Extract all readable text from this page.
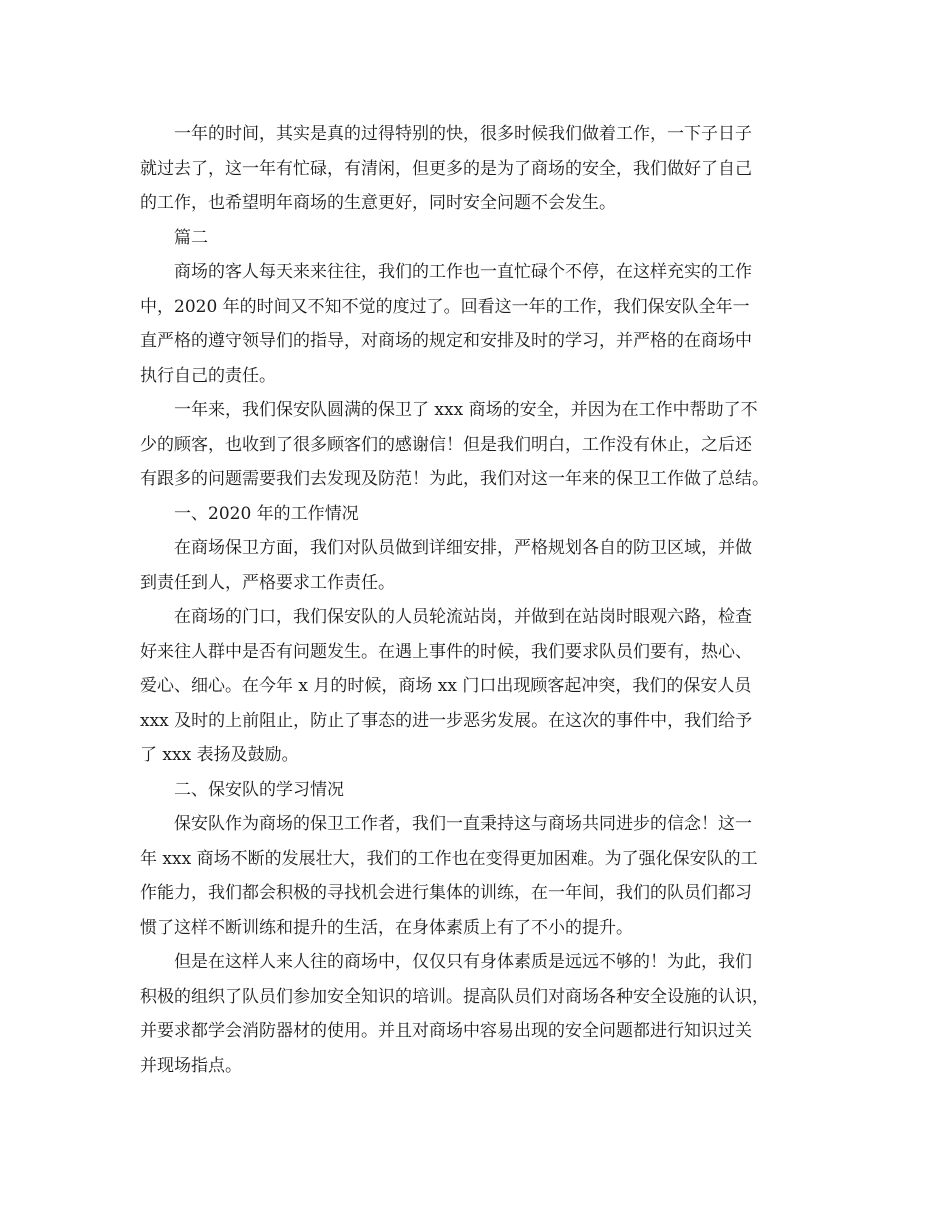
一年的时间，其实是真的过得特别的快，很多时候我们做着工作，一下子日子
就过去了，这一年有忙碌，有清闲，但更多的是为了商场的安全，我们做好了自己
的工作，也希望明年商场的生意更好，同时安全问题不会发生。
篇二
商场的客人每天来来往往，我们的工作也一直忙碌个不停，在这样充实的工作
中，2020 年的时间又不知不觉的度过了。回看这一年的工作，我们保安队全年一
直严格的遵守领导们的指导，对商场的规定和安排及时的学习，并严格的在商场中
执行自己的责任。
一年来，我们保安队圆满的保卫了 xxx 商场的安全，并因为在工作中帮助了不
少的顾客，也收到了很多顾客们的感谢信！但是我们明白，工作没有休止，之后还
有跟多的问题需要我们去发现及防范！为此，我们对这一年来的保卫工作做了总结。
一、2020 年的工作情况
在商场保卫方面，我们对队员做到详细安排，严格规划各自的防卫区域，并做
到责任到人，严格要求工作责任。
在商场的门口，我们保安队的人员轮流站岗，并做到在站岗时眼观六路，检查
好来往人群中是否有问题发生。在遇上事件的时候，我们要求队员们要有，热心、
爱心、细心。在今年 x 月的时候，商场 xx 门口出现顾客起冲突，我们的保安人员
xxx 及时的上前阻止，防止了事态的进一步恶劣发展。在这次的事件中，我们给予
了 xxx 表扬及鼓励。
二、保安队的学习情况
保安队作为商场的保卫工作者，我们一直秉持这与商场共同进步的信念！这一
年 xxx 商场不断的发展壮大，我们的工作也在变得更加困难。为了强化保安队的工
作能力，我们都会积极的寻找机会进行集体的训练，在一年间，我们的队员们都习
惯了这样不断训练和提升的生活，在身体素质上有了不小的提升。
但是在这样人来人往的商场中，仅仅只有身体素质是远远不够的！为此，我们
积极的组织了队员们参加安全知识的培训。提高队员们对商场各种安全设施的认识，
并要求都学会消防器材的使用。并且对商场中容易出现的安全问题都进行知识过关
并现场指点。
